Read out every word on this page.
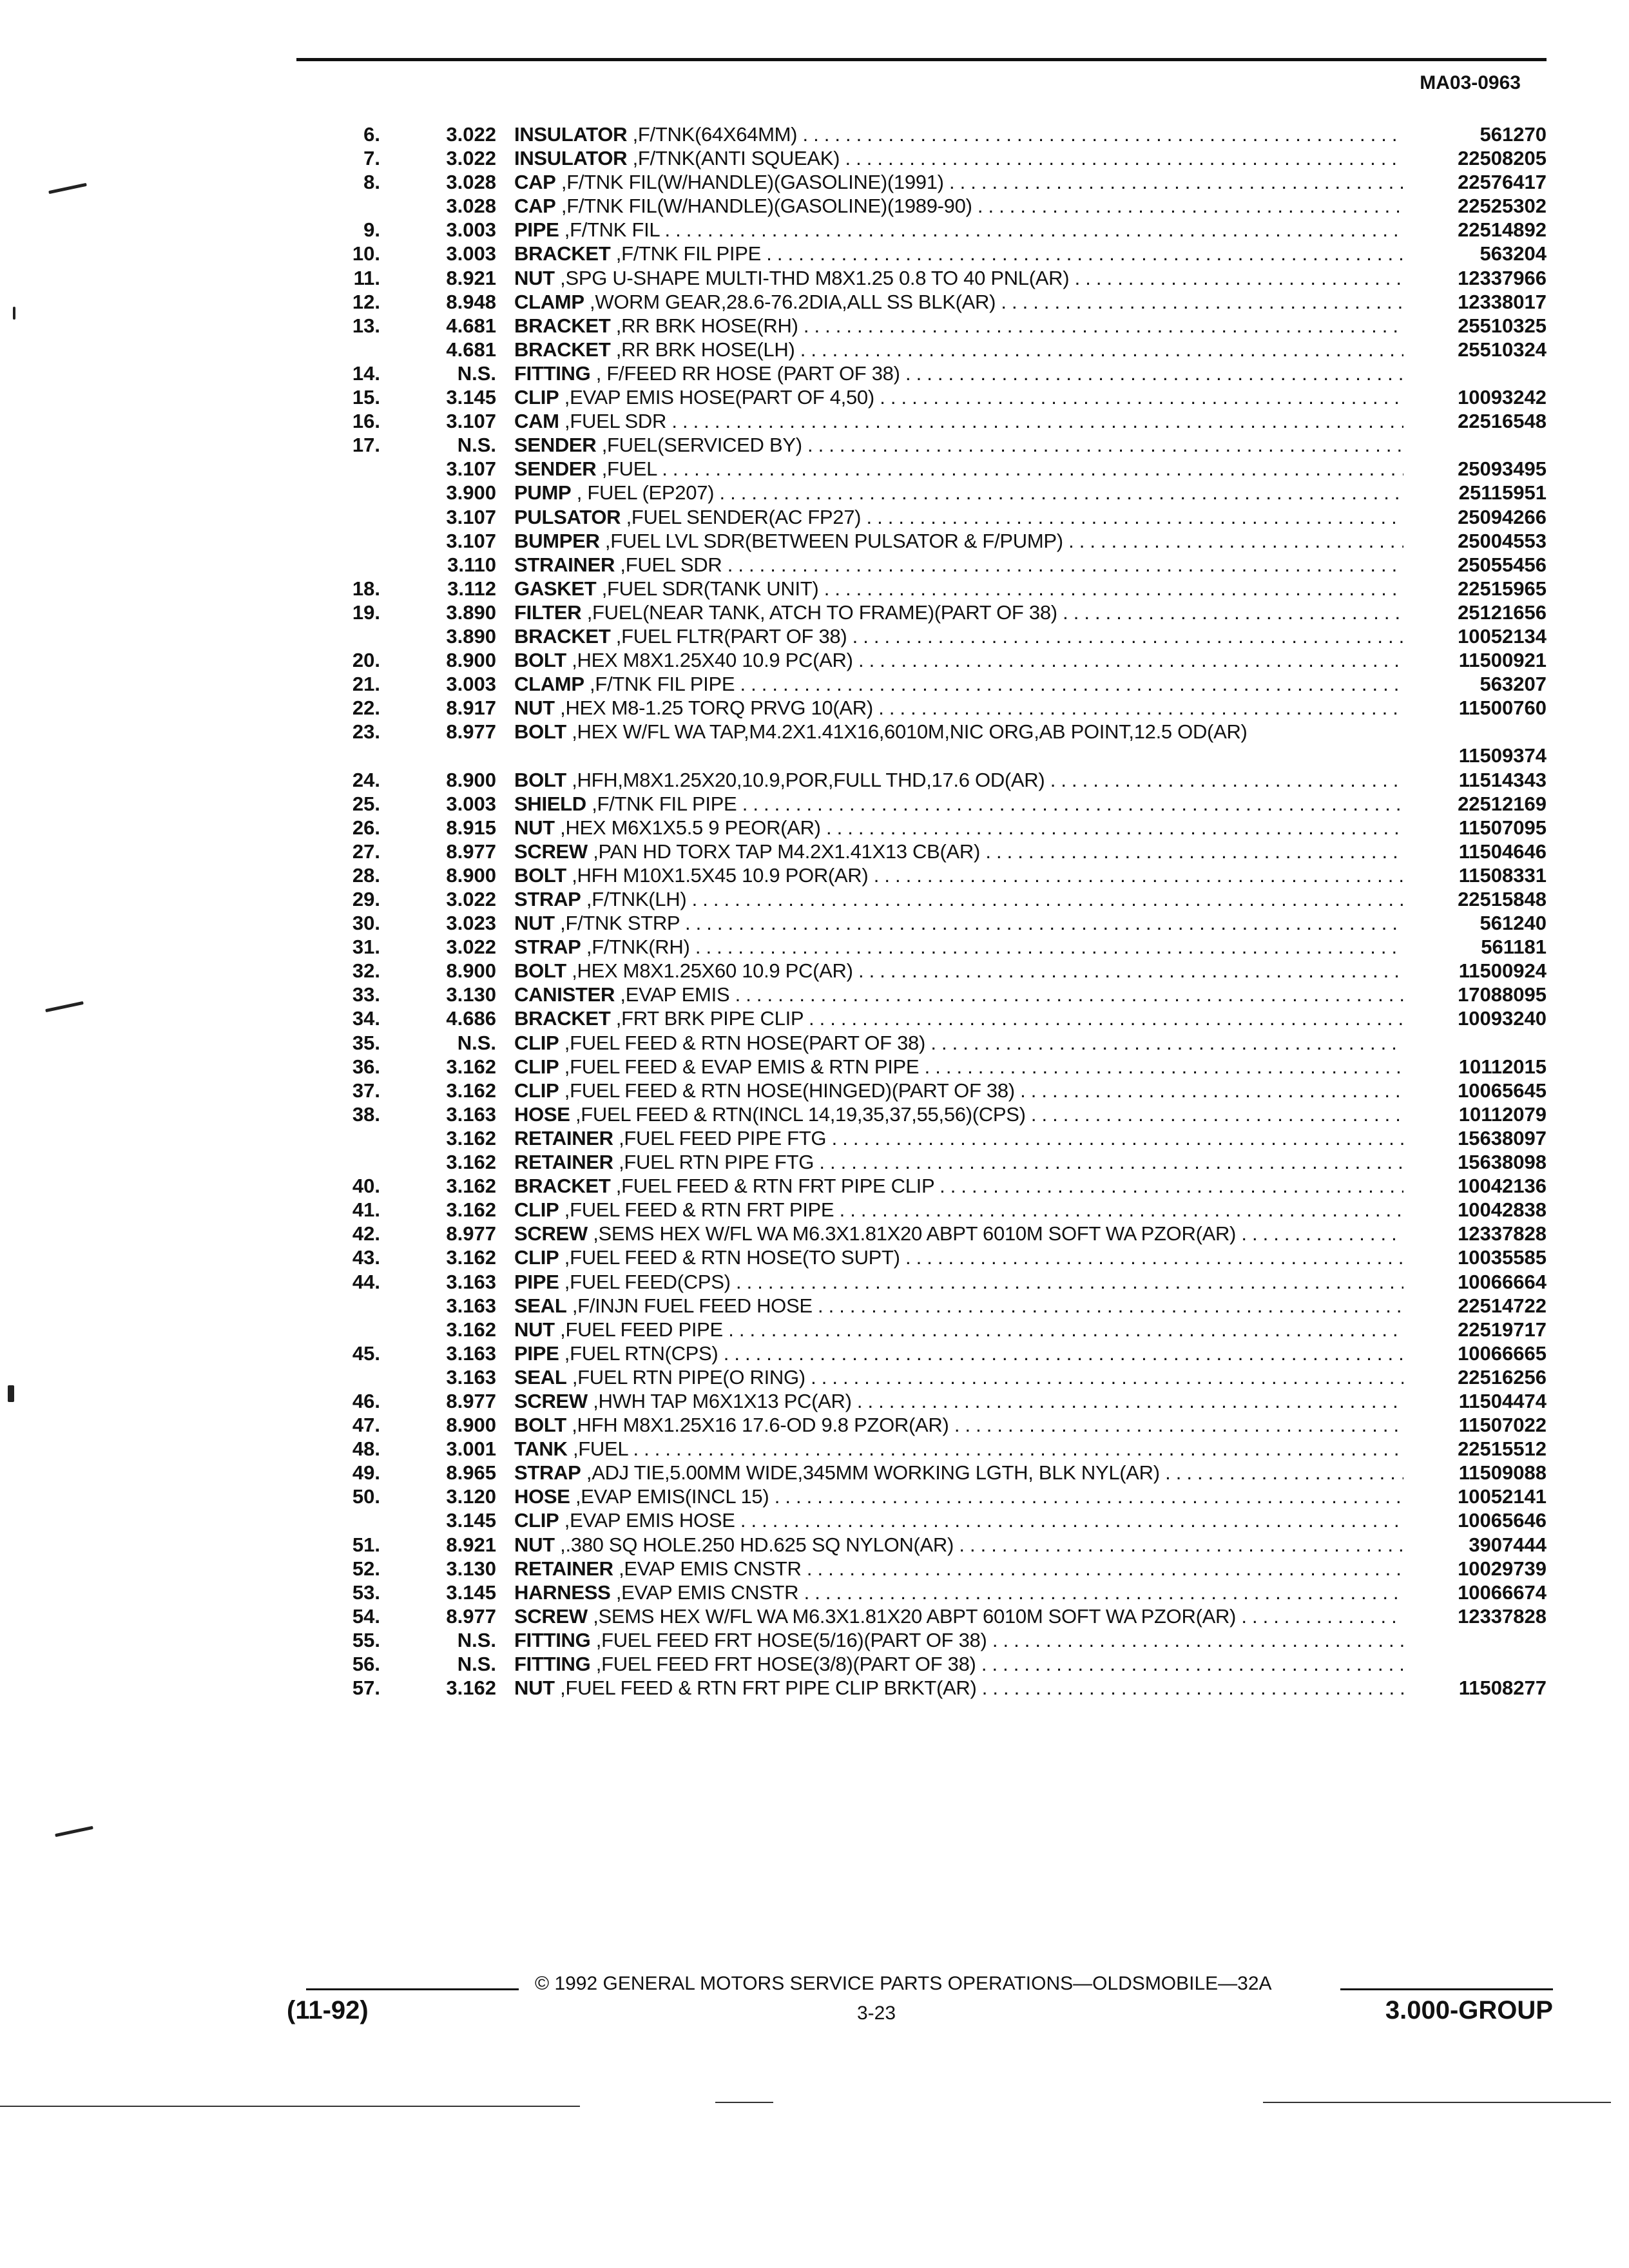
MA03-0963
6.	3.022 INSULATOR ,F/TNK(64X64MM) . . .	561270
7.	3.022 INSULATOR ,F/TNK(ANTI SQUEAK) . . .	22508205
8.	3.028 CAP ,F/TNK FIL(W/HANDLE)(GASOLINE)(1991) . . .	22576417
3.028 CAP ,F/TNK FIL(W/HANDLE)(GASOLINE)(1989-90) . . .	22525302
9.	3.003 PIPE ,F/TNK FIL . . .	22514892
10.	3.003 BRACKET ,F/TNK FIL PIPE . . .	563204
11.	8.921 NUT ,SPG U-SHAPE MULTI-THD M8X1.25 0.8 TO 40 PNL(AR) . . .	12337966
12.	8.948 CLAMP ,WORM GEAR,28.6-76.2DIA,ALL SS BLK(AR) . . .	12338017
13.	4.681 BRACKET ,RR BRK HOSE(RH) . . .	25510325
4.681 BRACKET ,RR BRK HOSE(LH) . . .	25510324
14.	N.S. FITTING , F/FEED RR HOSE (PART OF 38) . . .
15.	3.145 CLIP ,EVAP EMIS HOSE(PART OF 4,50) . . .	10093242
16.	3.107 CAM ,FUEL SDR . . .	22516548
17.	N.S. SENDER ,FUEL(SERVICED BY) . . .
3.107 SENDER ,FUEL . . .	25093495
3.900 PUMP , FUEL (EP207) . . .	25115951
3.107 PULSATOR ,FUEL SENDER(AC FP27) . . .	25094266
3.107 BUMPER ,FUEL LVL SDR(BETWEEN PULSATOR & F/PUMP) . . .	25004553
3.110 STRAINER ,FUEL SDR . . .	25055456
18.	3.112 GASKET ,FUEL SDR(TANK UNIT) . . .	22515965
19.	3.890 FILTER ,FUEL(NEAR TANK, ATCH TO FRAME)(PART OF 38) . . .	25121656
3.890 BRACKET ,FUEL FLTR(PART OF 38) . . .	10052134
20.	8.900 BOLT ,HEX M8X1.25X40 10.9 PC(AR) . . .	11500921
21.	3.003 CLAMP ,F/TNK FIL PIPE . . .	563207
22.	8.917 NUT ,HEX M8-1.25 TORQ PRVG 10(AR) . . .	11500760
23.	8.977 BOLT ,HEX W/FL WA TAP,M4.2X1.41X16,6010M,NIC ORG,AB POINT,12.5 OD(AR)
11509374
24.	8.900 BOLT ,HFH,M8X1.25X20,10.9,POR,FULL THD,17.6 OD(AR) . . .	11514343
25.	3.003 SHIELD ,F/TNK FIL PIPE . . .	22512169
26.	8.915 NUT ,HEX M6X1X5.5 9 PEOR(AR) . . .	11507095
27.	8.977 SCREW ,PAN HD TORX TAP M4.2X1.41X13 CB(AR) . . .	11504646
28.	8.900 BOLT ,HFH M10X1.5X45 10.9 POR(AR) . . .	11508331
29.	3.022 STRAP ,F/TNK(LH) . . .	22515848
30.	3.023 NUT ,F/TNK STRP . . .	561240
31.	3.022 STRAP ,F/TNK(RH) . . .	561181
32.	8.900 BOLT ,HEX M8X1.25X60 10.9 PC(AR) . . .	11500924
33.	3.130 CANISTER ,EVAP EMIS . . .	17088095
34.	4.686 BRACKET ,FRT BRK PIPE CLIP . . .	10093240
35.	N.S. CLIP ,FUEL FEED & RTN HOSE(PART OF 38) . . .
36.	3.162 CLIP ,FUEL FEED & EVAP EMIS & RTN PIPE . . .	10112015
37.	3.162 CLIP ,FUEL FEED & RTN HOSE(HINGED)(PART OF 38) . . .	10065645
38.	3.163 HOSE ,FUEL FEED & RTN(INCL 14,19,35,37,55,56)(CPS) . . .	10112079
3.162 RETAINER ,FUEL FEED PIPE FTG . . .	15638097
3.162 RETAINER ,FUEL RTN PIPE FTG . . .	15638098
40.	3.162 BRACKET ,FUEL FEED & RTN FRT PIPE CLIP . . .	10042136
41.	3.162 CLIP ,FUEL FEED & RTN FRT PIPE . . .	10042838
42.	8.977 SCREW ,SEMS HEX W/FL WA M6.3X1.81X20 ABPT 6010M SOFT WA PZOR(AR) . . .	12337828
43.	3.162 CLIP ,FUEL FEED & RTN HOSE(TO SUPT) . . .	10035585
44.	3.163 PIPE ,FUEL FEED(CPS) . . .	10066664
3.163 SEAL ,F/INJN FUEL FEED HOSE . . .	22514722
3.162 NUT ,FUEL FEED PIPE . . .	22519717
45.	3.163 PIPE ,FUEL RTN(CPS) . . .	10066665
3.163 SEAL ,FUEL RTN PIPE(O RING) . . .	22516256
46.	8.977 SCREW ,HWH TAP M6X1X13 PC(AR) . . .	11504474
47.	8.900 BOLT ,HFH M8X1.25X16 17.6-OD 9.8 PZOR(AR) . . .	11507022
48.	3.001 TANK ,FUEL . . .	22515512
49.	8.965 STRAP ,ADJ TIE,5.00MM WIDE,345MM WORKING LGTH, BLK NYL(AR) . . .	11509088
50.	3.120 HOSE ,EVAP EMIS(INCL 15) . . .	10052141
3.145 CLIP ,EVAP EMIS HOSE . . .	10065646
51.	8.921 NUT ,.380 SQ HOLE.250 HD.625 SQ NYLON(AR) . . .	3907444
52.	3.130 RETAINER ,EVAP EMIS CNSTR . . .	10029739
53.	3.145 HARNESS ,EVAP EMIS CNSTR . . .	10066674
54.	8.977 SCREW ,SEMS HEX W/FL WA M6.3X1.81X20 ABPT 6010M SOFT WA PZOR(AR) . . .	12337828
55.	N.S. FITTING ,FUEL FEED FRT HOSE(5/16)(PART OF 38) . . .
56.	N.S. FITTING ,FUEL FEED FRT HOSE(3/8)(PART OF 38) . . .
57.	3.162 NUT ,FUEL FEED & RTN FRT PIPE CLIP BRKT(AR) . . .	11508277
© 1992 GENERAL MOTORS SERVICE PARTS OPERATIONS—OLDSMOBILE—32A
(11-92)	3-23	3.000-GROUP
